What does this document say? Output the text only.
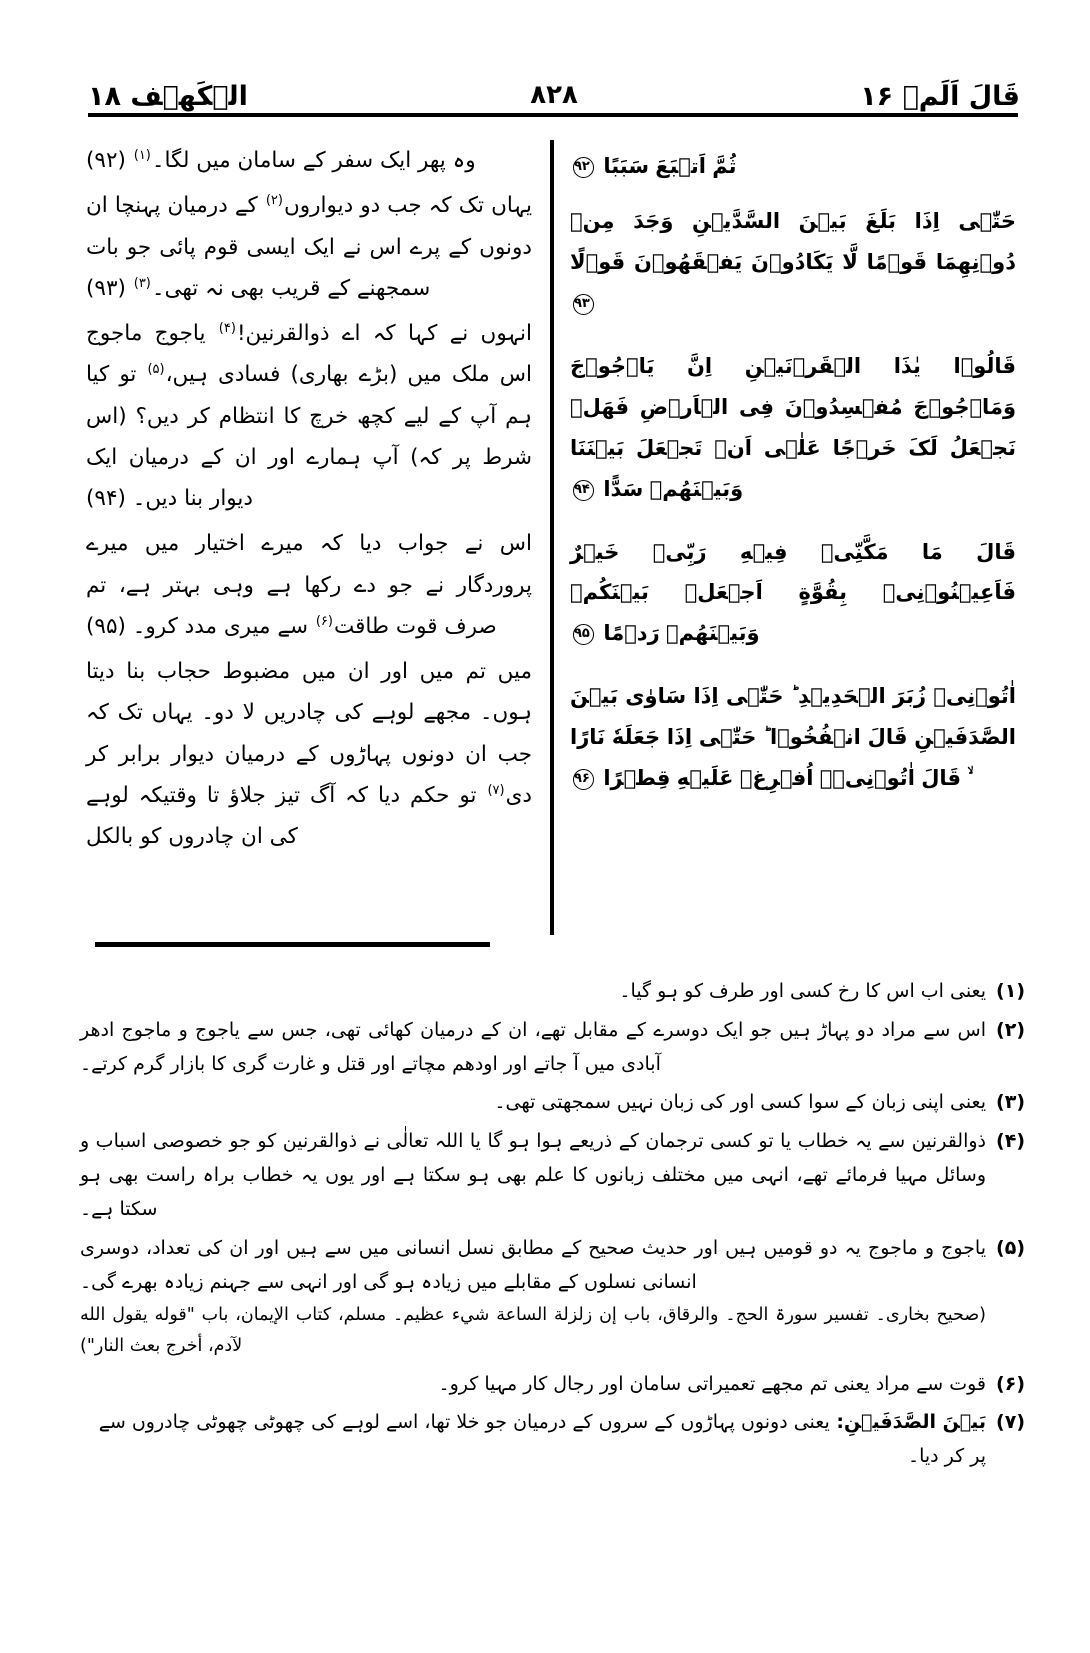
الۡکَهۡف ۱۸	۸۲۸	قَالَ اَلَمۡ ۱۶
ثُمَّ اَتۡبَعَ سَبَبًا ۹۲
حَتّٰۤی اِذَا بَلَغَ بَیۡنَ السَّدَّیۡنِ وَجَدَ مِنۡ دُوۡنِهِمَا قَوۡمًا لَّا یَکَادُوۡنَ یَفۡقَهُوۡنَ قَوۡلًا ۹۳
قَالُوۡا یٰذَا الۡقَرۡنَیۡنِ اِنَّ یَاۡجُوۡجَ وَمَاۡجُوۡجَ مُفۡسِدُوۡنَ فِی الۡاَرۡضِ فَهَلۡ نَجۡعَلُ لَکَ خَرۡجًا عَلٰۤی اَنۡ تَجۡعَلَ بَیۡنَنَا وَبَیۡنَهُمۡ سَدًّا ۹۴
قَالَ مَا مَکَّنِّیۡ فِیۡهِ رَبِّیۡ خَیۡرٌ فَاَعِیۡنُوۡنِیۡ بِقُوَّةٍ اَجۡعَلۡ بَیۡنَکُمۡ وَبَیۡنَهُمۡ رَدۡمًا ۹۵
اٰتُوۡنِیۡ زُبَرَ الۡحَدِیۡدِ ؕ حَتّٰۤی اِذَا سَاوٰی بَیۡنَ الصَّدَفَیۡنِ قَالَ انۡفُخُوۡا ؕ حَتّٰۤی اِذَا جَعَلَهٗ نَارًا ۙ قَالَ اٰتُوۡنِیۡۤ اُفۡرِغۡ عَلَیۡهِ قِطۡرًا ۹۶
وہ پھر ایک سفر کے سامان میں لگا۔$^{(۱)}$ (۹۲)
یہاں تک کہ جب دو دیواروں$^{(۲)}$ کے درمیان پہنچا ان دونوں کے پرے اس نے ایک ایسی قوم پائی جو بات سمجھنے کے قریب بھی نہ تھی۔$^{(۳)}$ (۹۳)
انہوں نے کہا کہ اے ذوالقرنین!$^{(۴)}$ یاجوج ماجوج اس ملک میں (بڑے بھاری) فسادی ہیں،$^{(۵)}$ تو کیا ہم آپ کے لیے کچھ خرچ کا انتظام کر دیں؟ (اس شرط پر کہ) آپ ہمارے اور ان کے درمیان ایک دیوار بنا دیں۔ (۹۴)
اس نے جواب دیا کہ میرے اختیار میں میرے پروردگار نے جو دے رکھا ہے وہی بہتر ہے، تم صرف قوت طاقت$^{(۶)}$ سے میری مدد کرو۔ (۹۵)
میں تم میں اور ان میں مضبوط حجاب بنا دیتا ہوں۔ مجھے لوہے کی چادریں لا دو۔ یہاں تک کہ جب ان دونوں پہاڑوں کے درمیان دیوار برابر کر دی$^{(۷)}$ تو حکم دیا کہ آگ تیز جلاؤ تا وقتیکہ لوہے کی ان چادروں کو بالکل
(۱)
یعنی اب اس کا رخ کسی اور طرف کو ہو گیا۔
(۲)
اس سے مراد دو پہاڑ ہیں جو ایک دوسرے کے مقابل تھے، ان کے درمیان کھائی تھی، جس سے یاجوج و ماجوج ادھر آبادی میں آ جاتے اور اودھم مچاتے اور قتل و غارت گری کا بازار گرم کرتے۔
(۳)
یعنی اپنی زبان کے سوا کسی اور کی زبان نہیں سمجھتی تھی۔
(۴)
ذوالقرنین سے یہ خطاب یا تو کسی ترجمان کے ذریعے ہوا ہو گا یا اللہ تعالٰی نے ذوالقرنین کو جو خصوصی اسباب و وسائل مہیا فرمائے تھے، انہی میں مختلف زبانوں کا علم بھی ہو سکتا ہے اور یوں یہ خطاب براہ راست بھی ہو سکتا ہے۔
(۵)
یاجوج و ماجوج یہ دو قومیں ہیں اور حدیث صحیح کے مطابق نسل انسانی میں سے ہیں اور ان کی تعداد، دوسری انسانی نسلوں کے مقابلے میں زیادہ ہو گی اور انہی سے جہنم زیادہ بھرے گی۔
(صحیح بخاری۔ تفسیر سورۃ الحج۔ والرقاق، باب إن زلزلة الساعة شيء عظيم۔ مسلم، كتاب الإيمان، باب "قوله يقول الله لآدم، أخرج بعث النار")
(۶)
قوت سے مراد یعنی تم مجھے تعمیراتی سامان اور رجال کار مہیا کرو۔
(۷)
بَیۡنَ الصَّدَفَیۡنِ: یعنی دونوں پہاڑوں کے سروں کے درمیان جو خلا تھا، اسے لوہے کی چھوٹی چھوٹی چادروں سے پر کر دیا۔
